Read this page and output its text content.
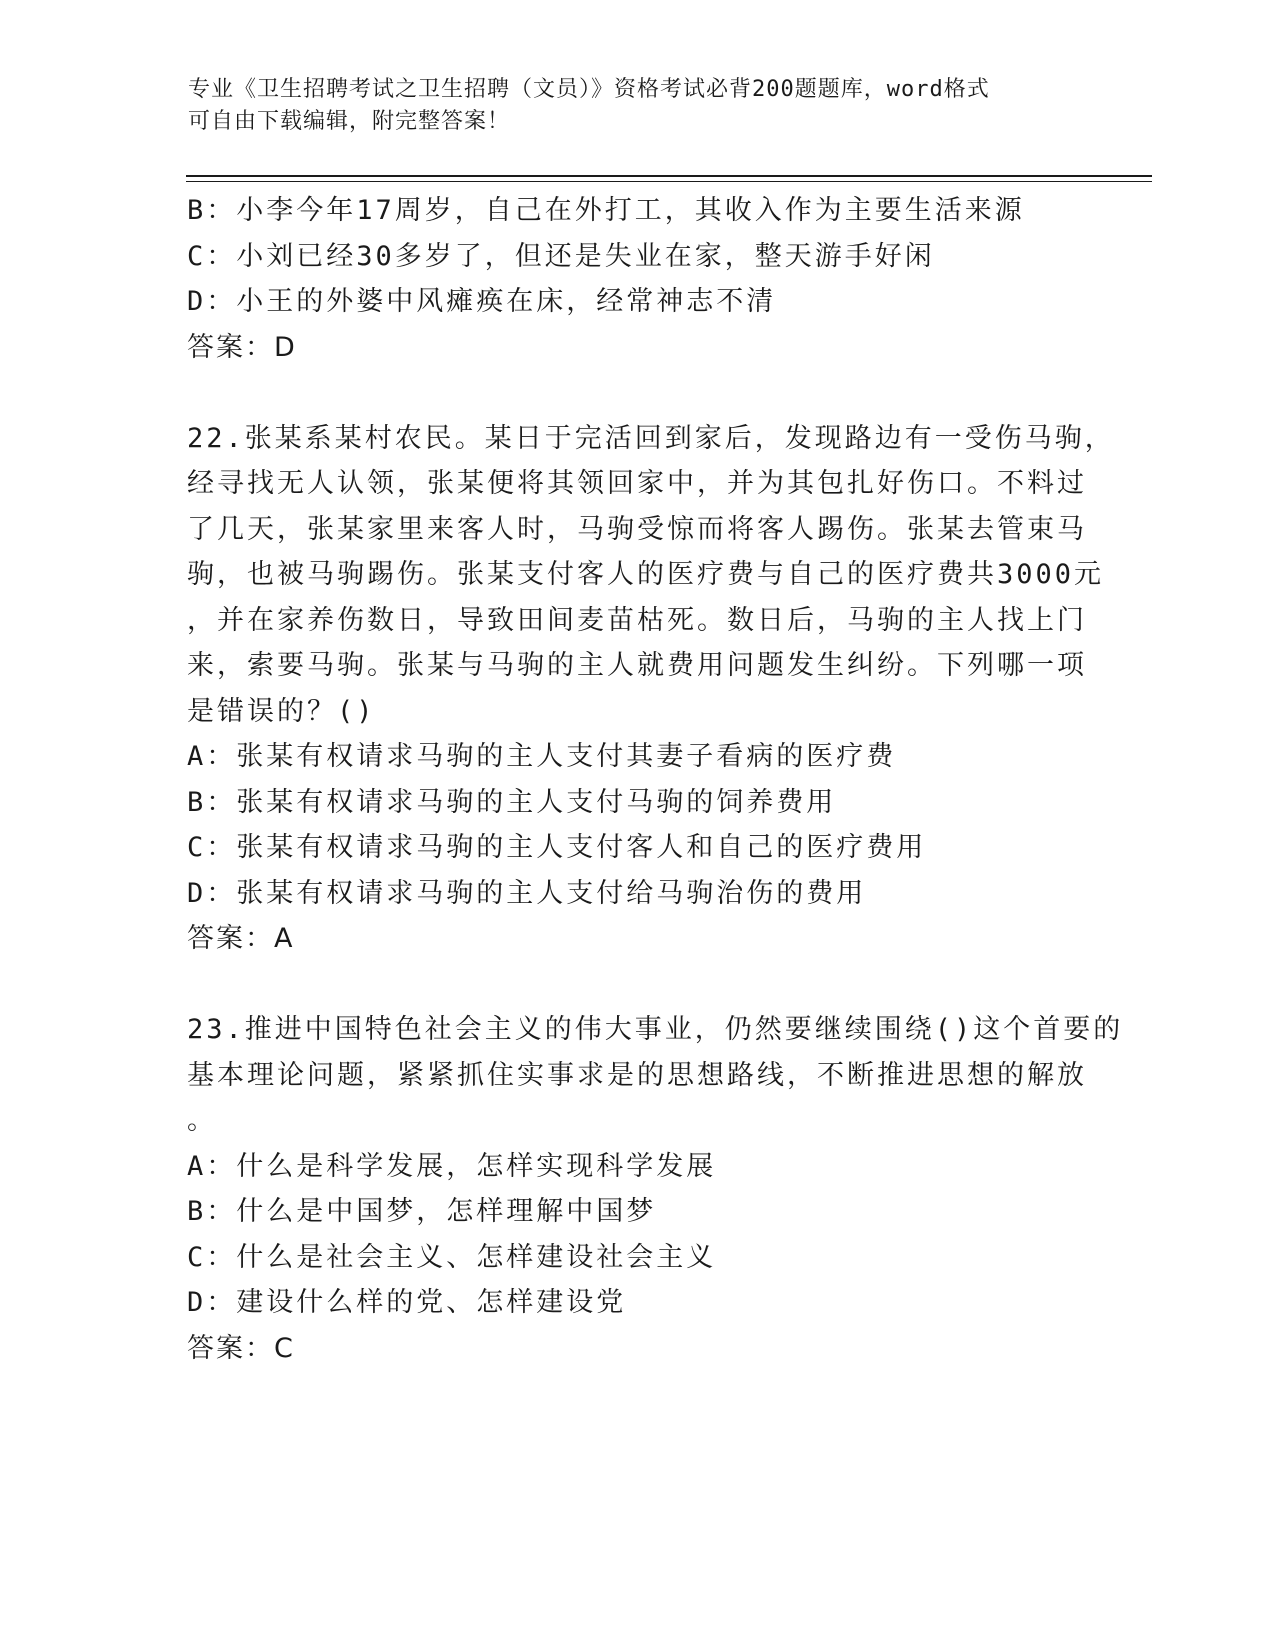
专业《卫生招聘考试之卫生招聘（文员）》资格考试必背200题题库，word格式
可自由下载编辑，附完整答案！
B：小李今年17周岁，自己在外打工，其收入作为主要生活来源
C：小刘已经30多岁了，但还是失业在家，整天游手好闲
D：小王的外婆中风瘫痪在床，经常神志不清
答案：D
22.张某系某村农民。某日于完活回到家后，发现路边有一受伤马驹，
经寻找无人认领，张某便将其领回家中，并为其包扎好伤口。不料过
了几天，张某家里来客人时，马驹受惊而将客人踢伤。张某去管束马
驹，也被马驹踢伤。张某支付客人的医疗费与自己的医疗费共3000元
，并在家养伤数日，导致田间麦苗枯死。数日后，马驹的主人找上门
来，索要马驹。张某与马驹的主人就费用问题发生纠纷。下列哪一项
是错误的？()
A：张某有权请求马驹的主人支付其妻子看病的医疗费
B：张某有权请求马驹的主人支付马驹的饲养费用
C：张某有权请求马驹的主人支付客人和自己的医疗费用
D：张某有权请求马驹的主人支付给马驹治伤的费用
答案：A
23.推进中国特色社会主义的伟大事业，仍然要继续围绕()这个首要的
基本理论问题，紧紧抓住实事求是的思想路线，不断推进思想的解放
。
A：什么是科学发展，怎样实现科学发展
B：什么是中国梦，怎样理解中国梦
C：什么是社会主义、怎样建设社会主义
D：建设什么样的党、怎样建设党
答案：C
